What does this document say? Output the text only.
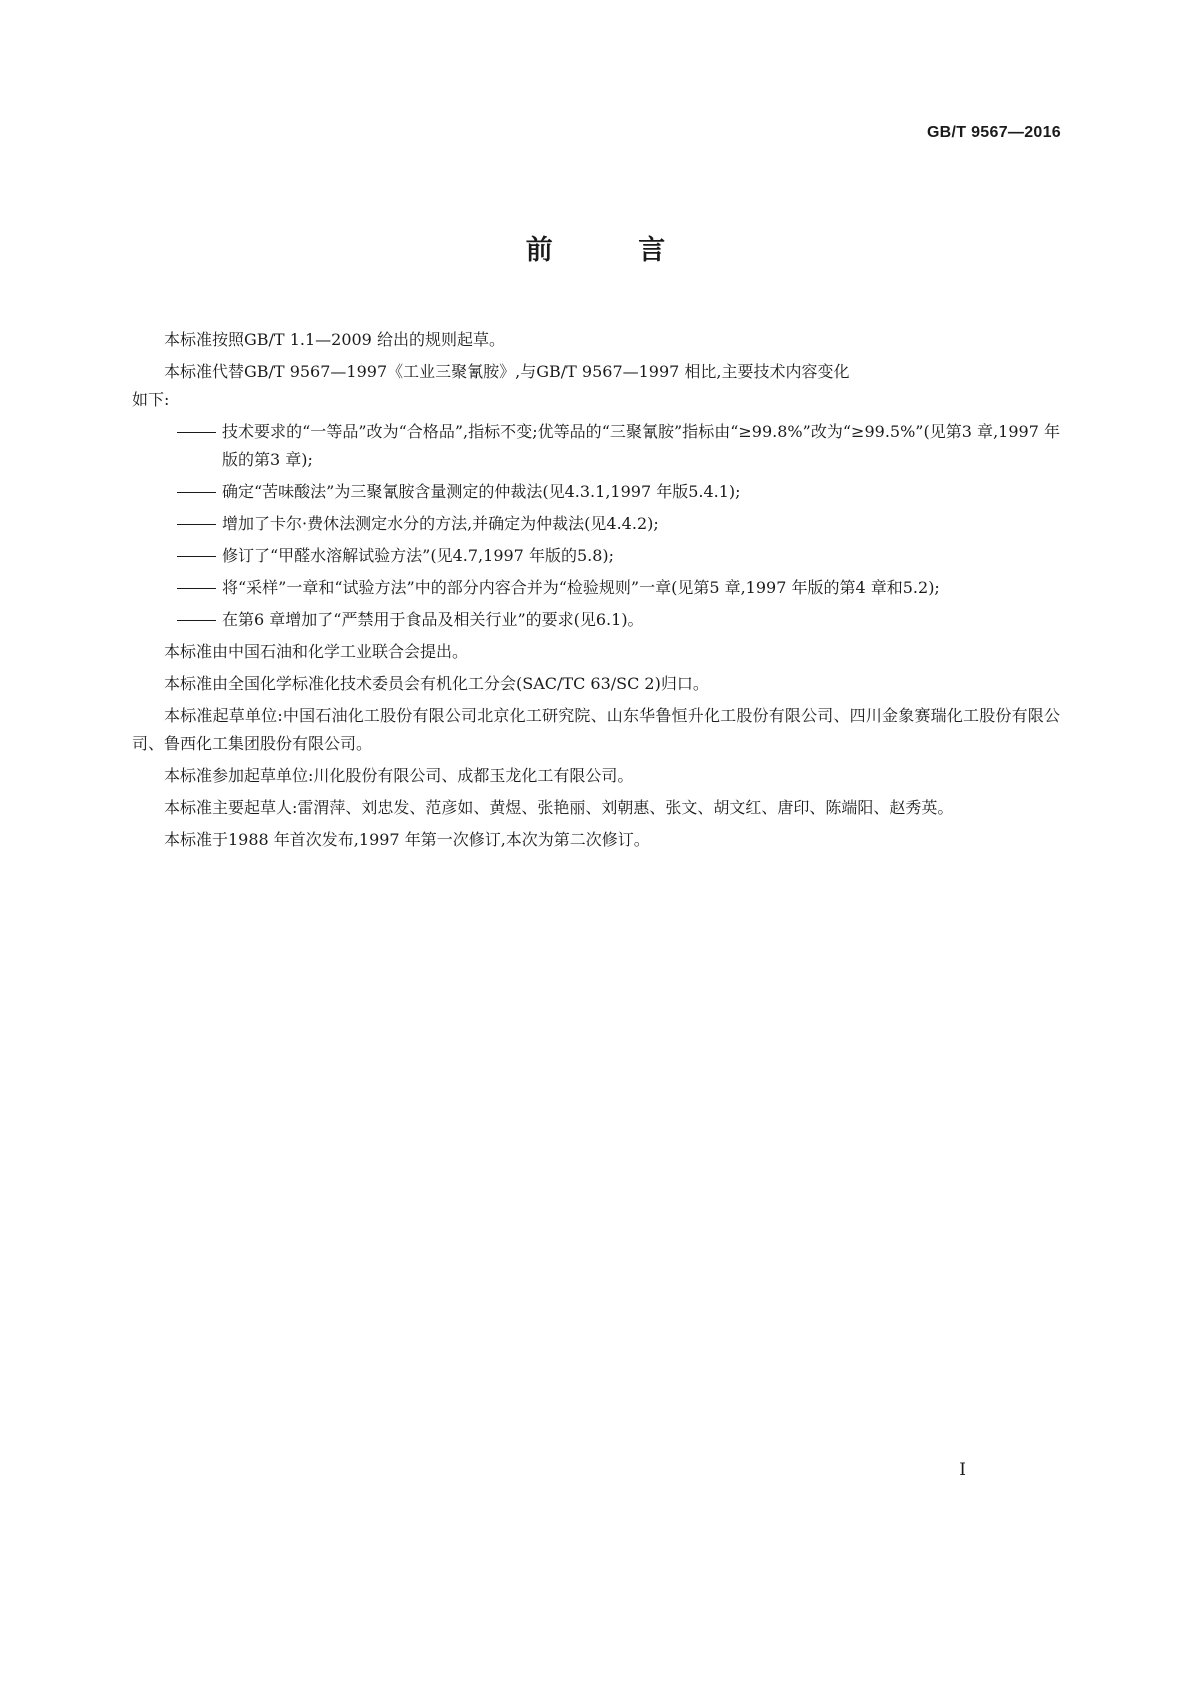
GB/T 9567—2016
前 言

本标准按照GB/T 1.1—2009 给出的规则起草。

本标准代替GB/T 9567—1997《工业三聚氰胺》,与GB/T 9567—1997 相比,主要技术内容变化

如下:

技术要求的“一等品”改为“合格品”,指标不变;优等品的“三聚氰胺”指标由“≥99.8%”改为“≥99.5%”(见第3 章,1997 年版的第3 章);
确定“苦味酸法”为三聚氰胺含量测定的仲裁法(见4.3.1,1997 年版5.4.1);
增加了卡尔·费休法测定水分的方法,并确定为仲裁法(见4.4.2);
修订了“甲醛水溶解试验方法”(见4.7,1997 年版的5.8);
将“采样”一章和“试验方法”中的部分内容合并为“检验规则”一章(见第5 章,1997 年版的第4 章和5.2);
在第6 章增加了“严禁用于食品及相关行业”的要求(见6.1)。

本标准由中国石油和化学工业联合会提出。

本标准由全国化学标准化技术委员会有机化工分会(SAC/TC 63/SC 2)归口。

本标准起草单位:中国石油化工股份有限公司北京化工研究院、山东华鲁恒升化工股份有限公司、四川金象赛瑞化工股份有限公司、鲁西化工集团股份有限公司。

本标准参加起草单位:川化股份有限公司、成都玉龙化工有限公司。

本标准主要起草人:雷渭萍、刘忠发、范彦如、黄煜、张艳丽、刘朝惠、张文、胡文红、唐印、陈端阳、赵秀英。

本标准于1988 年首次发布,1997 年第一次修订,本次为第二次修订。

I
